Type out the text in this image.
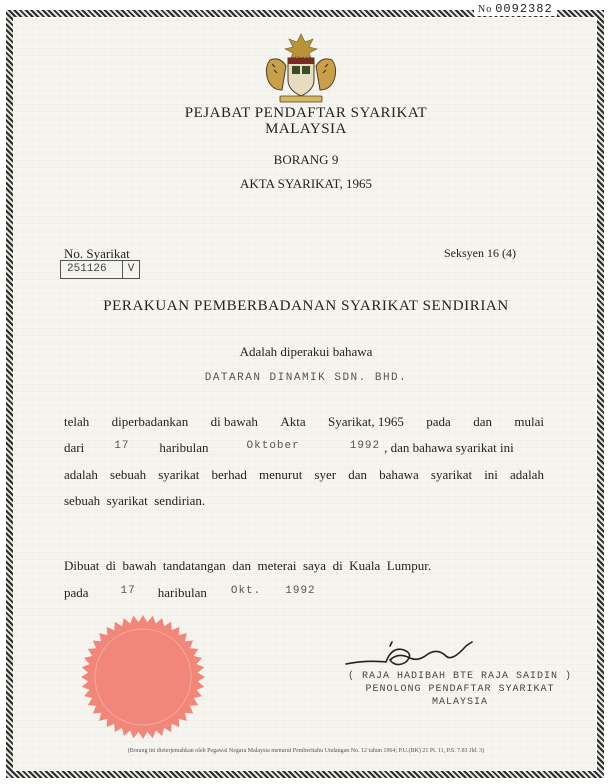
No 0092382
PEJABAT PENDAFTAR SYARIKAT
MALAYSIA
BORANG 9
AKTA SYARIKAT, 1965
No. Syarikat	Seksyen 16 (4)
251126	V
PERAKUAN PEMBERBADANAN SYARIKAT SENDIRIAN
Adalah diperakui bahawa
DATARAN DINAMIK SDN. BHD.
telah diperbadankan di bawah Akta Syarikat, 1965 pada dan mulai
dari	17 haribulan	Oktober	1992 , dan bahawa syarikat ini
adalah sebuah syarikat berhad menurut syer dan bahawa syarikat ini adalah
sebuah  syarikat  sendirian.
Dibuat  di  bawah  tandatangan  dan  meterai  saya  di  Kuala  Lumpur.
pada	17 haribulan Okt. 1992
( RAJA HADIBAH BTE RAJA SAIDIN )
PENOLONG PENDAFTAR SYARIKAT
MALAYSIA
(Borang ini dieterjemahkan oleh Pegawai Negara Malaysia menurut Pemberitahu Undangan No. 12 tahun 1964; P.U.(BK) 21 Pt. 11, P.S. 7.81 Jld. 3)
